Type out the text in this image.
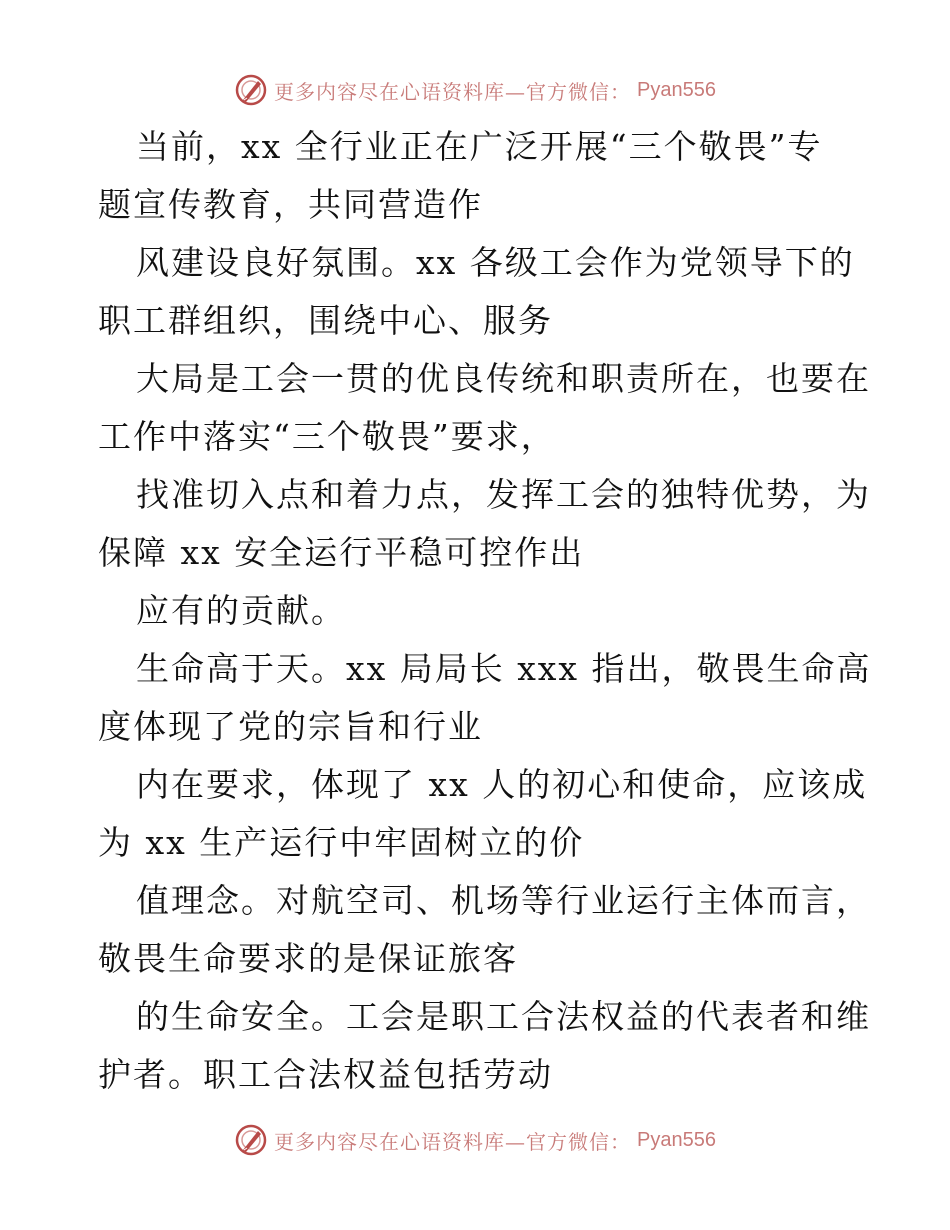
更多内容尽在心语资料库—官方微信： Pyan556
当前，xx 全行业正在广泛开展“三个敬畏”专
题宣传教育，共同营造作
风建设良好氛围。xx 各级工会作为党领导下的
职工群组织，围绕中心、服务
大局是工会一贯的优良传统和职责所在，也要在
工作中落实“三个敬畏”要求，
找准切入点和着力点，发挥工会的独特优势，为
保障 xx 安全运行平稳可控作出
应有的贡献。
生命高于天。xx 局局长 xxx 指出，敬畏生命高
度体现了党的宗旨和行业
内在要求，体现了 xx 人的初心和使命，应该成
为 xx 生产运行中牢固树立的价
值理念。对航空司、机场等行业运行主体而言，
敬畏生命要求的是保证旅客
的生命安全。工会是职工合法权益的代表者和维
护者。职工合法权益包括劳动
更多内容尽在心语资料库—官方微信： Pyan556
